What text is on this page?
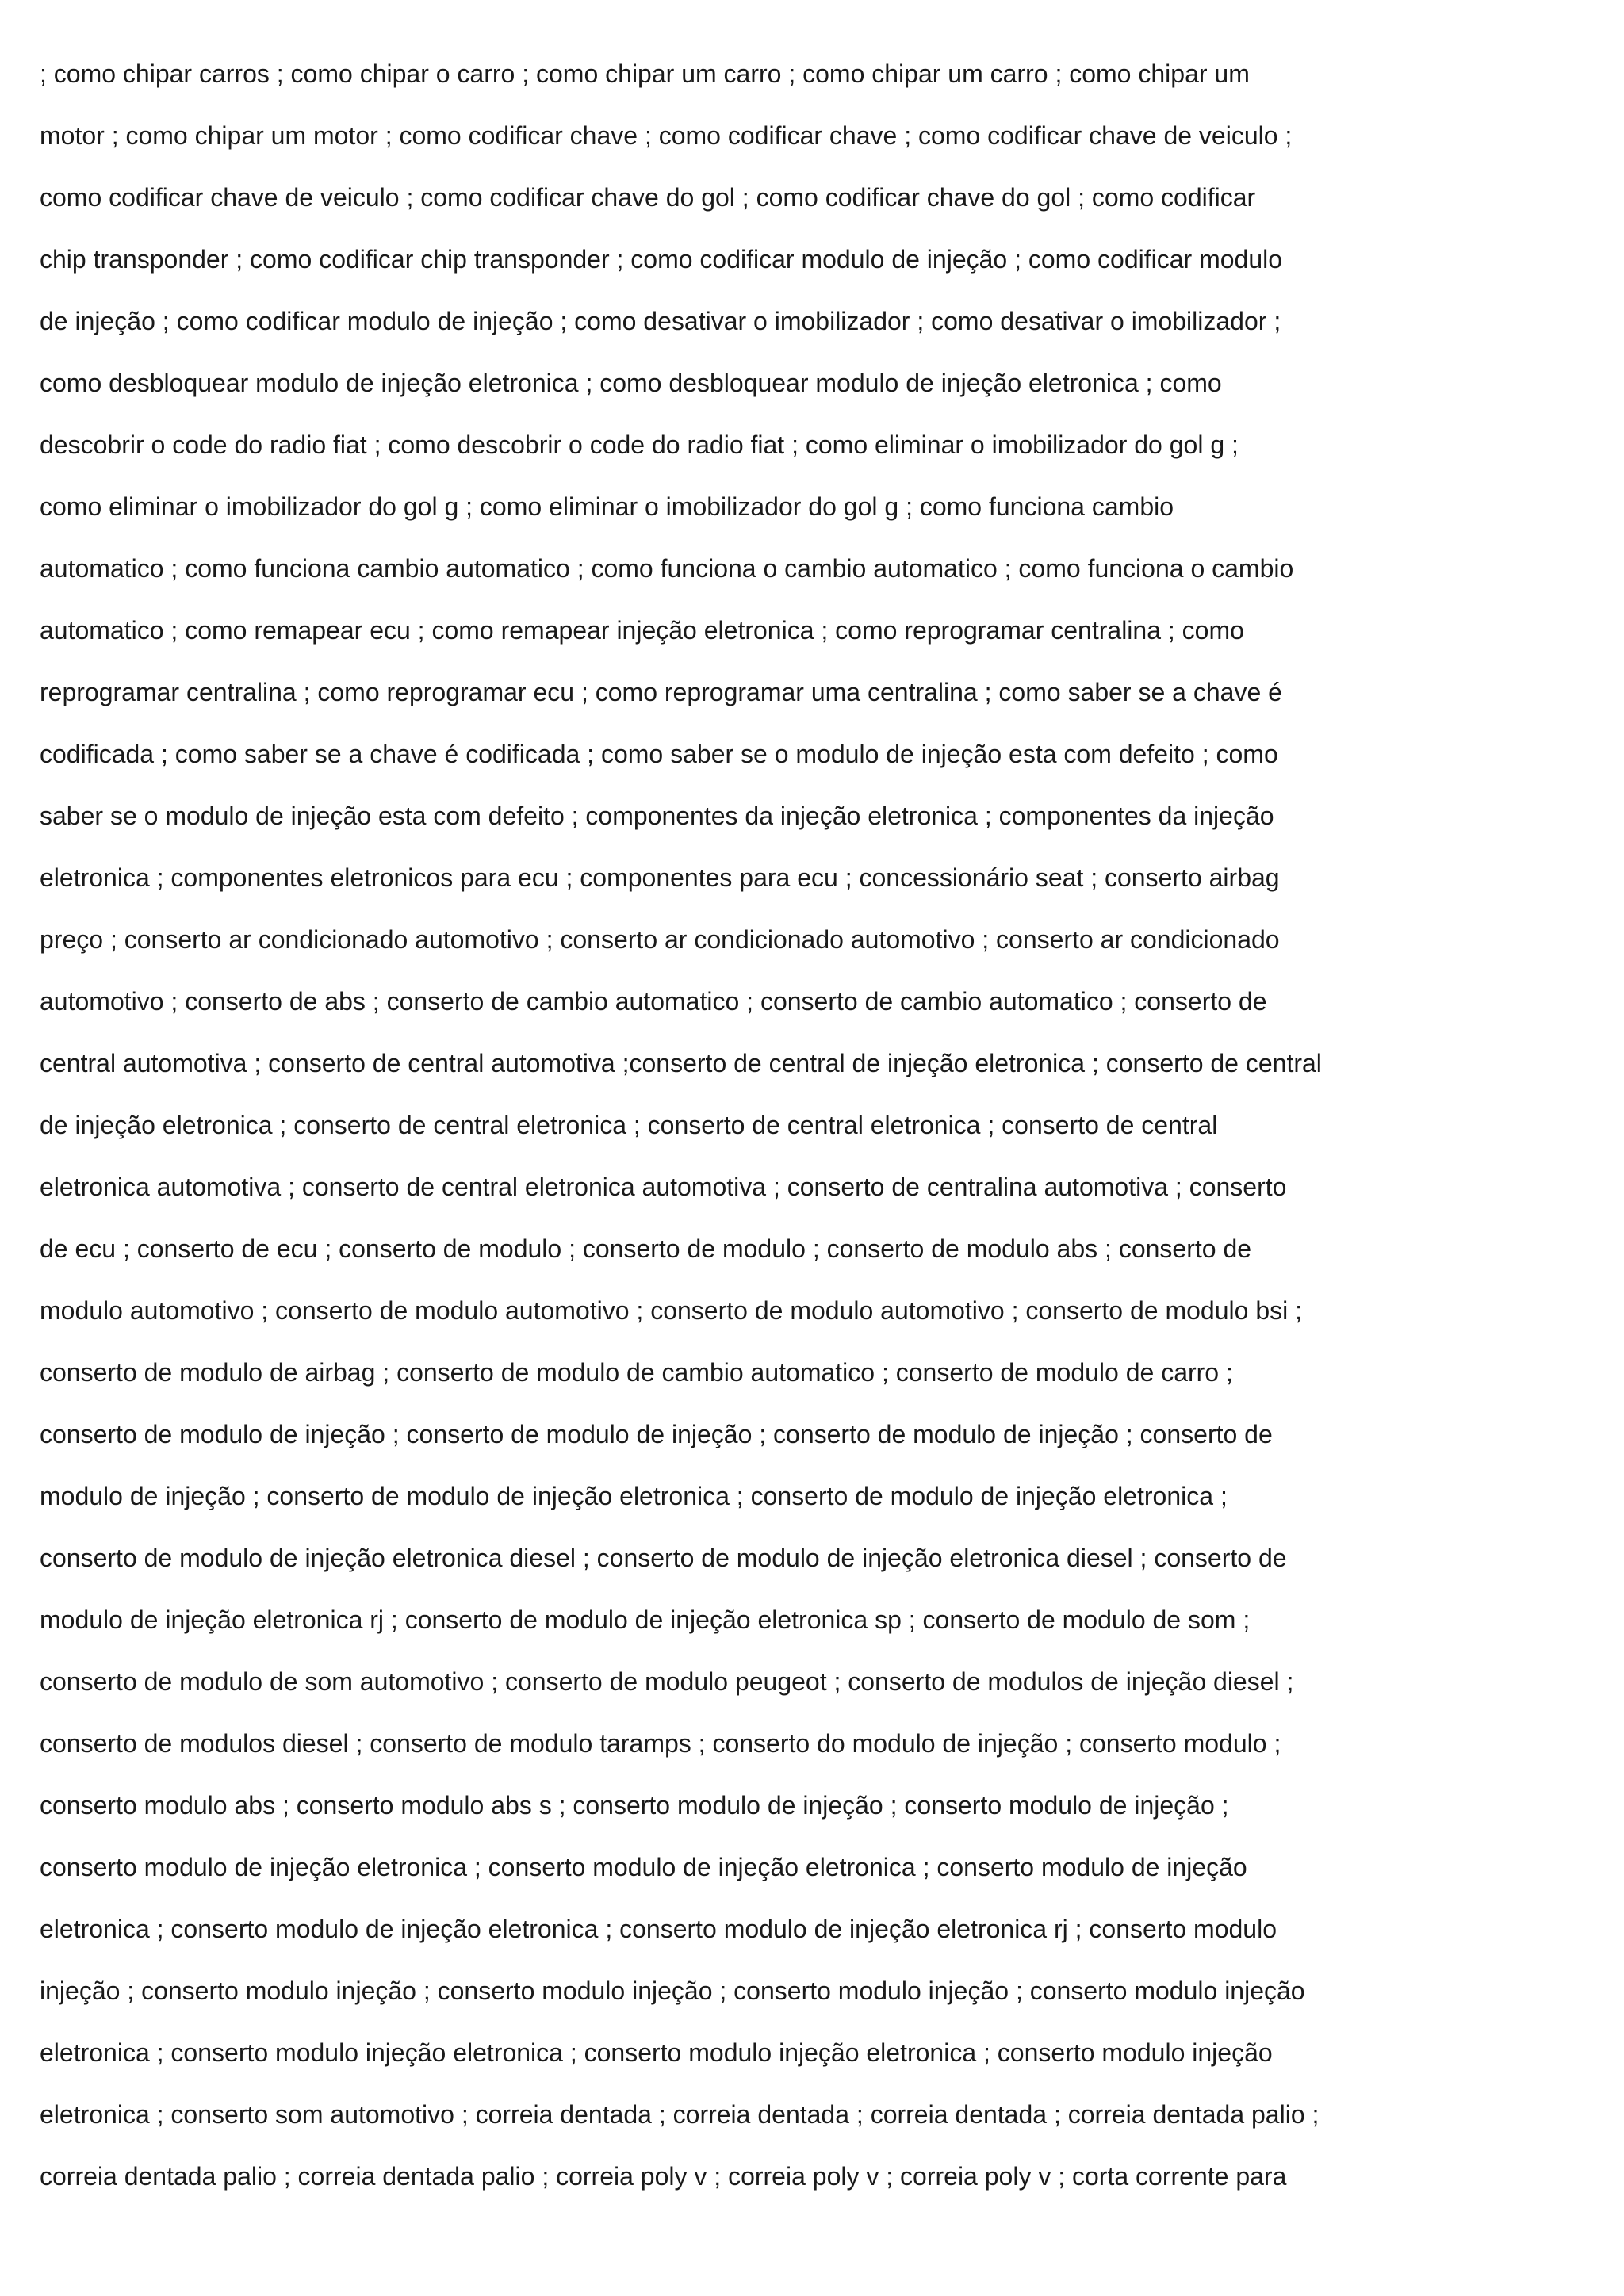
; como chipar carros ; como chipar o carro ; como chipar um carro ; como chipar um carro ; como chipar um
motor ; como chipar um motor ; como codificar chave ; como codificar chave ; como codificar chave de veiculo ;
como codificar chave de veiculo ; como codificar chave do gol ; como codificar chave do gol ; como codificar
chip transponder ; como codificar chip transponder ; como codificar modulo de injeção ; como codificar modulo
de injeção ; como codificar modulo de injeção ; como desativar o imobilizador ; como desativar o imobilizador ;
como desbloquear modulo de injeção eletronica ; como desbloquear modulo de injeção eletronica ; como
descobrir o code do radio fiat ; como descobrir o code do radio fiat ; como eliminar o imobilizador do gol g ;
como eliminar o imobilizador do gol g ; como eliminar o imobilizador do gol g ; como funciona cambio
automatico ; como funciona cambio automatico ; como funciona o cambio automatico ; como funciona o cambio
automatico ; como remapear ecu ; como remapear injeção eletronica ; como reprogramar centralina ; como
reprogramar centralina ; como reprogramar ecu ; como reprogramar uma centralina ; como saber se a chave é
codificada ; como saber se a chave é codificada ; como saber se o modulo de injeção esta com defeito ; como
saber se o modulo de injeção esta com defeito ; componentes da injeção eletronica ; componentes da injeção
eletronica ; componentes eletronicos para ecu ; componentes para ecu ; concessionário seat ; conserto airbag
preço ; conserto ar condicionado automotivo ; conserto ar condicionado automotivo ; conserto ar condicionado
automotivo ; conserto de abs ; conserto de cambio automatico ; conserto de cambio automatico ; conserto de
central automotiva ; conserto de central automotiva ;conserto de central de injeção eletronica ; conserto de central
de injeção eletronica ; conserto de central eletronica ; conserto de central eletronica ; conserto de central
eletronica automotiva ; conserto de central eletronica automotiva ; conserto de centralina automotiva ; conserto
de ecu ; conserto de ecu ; conserto de modulo ; conserto de modulo ; conserto de modulo abs ; conserto de
modulo automotivo ; conserto de modulo automotivo ; conserto de modulo automotivo ; conserto de modulo bsi ;
conserto de modulo de airbag ; conserto de modulo de cambio automatico ; conserto de modulo de carro ;
conserto de modulo de injeção ; conserto de modulo de injeção ; conserto de modulo de injeção ; conserto de
modulo de injeção ; conserto de modulo de injeção eletronica ; conserto de modulo de injeção eletronica ;
conserto de modulo de injeção eletronica diesel ; conserto de modulo de injeção eletronica diesel ; conserto de
modulo de injeção eletronica rj ; conserto de modulo de injeção eletronica sp ; conserto de modulo de som ;
conserto de modulo de som automotivo ; conserto de modulo peugeot ; conserto de modulos de injeção diesel ;
conserto de modulos diesel ; conserto de modulo taramps ; conserto do modulo de injeção ; conserto modulo ;
conserto modulo abs ; conserto modulo abs s ; conserto modulo de injeção ; conserto modulo de injeção ;
conserto modulo de injeção eletronica ; conserto modulo de injeção eletronica ; conserto modulo de injeção
eletronica ; conserto modulo de injeção eletronica ; conserto modulo de injeção eletronica rj ; conserto modulo
injeção ; conserto modulo injeção ; conserto modulo injeção ; conserto modulo injeção ; conserto modulo injeção
eletronica ; conserto modulo injeção eletronica ; conserto modulo injeção eletronica ; conserto modulo injeção
eletronica ; conserto som automotivo ; correia dentada ; correia dentada ; correia dentada ; correia dentada palio ;
correia dentada palio ; correia dentada palio ; correia poly v ; correia poly v ; correia poly v ; corta corrente para
